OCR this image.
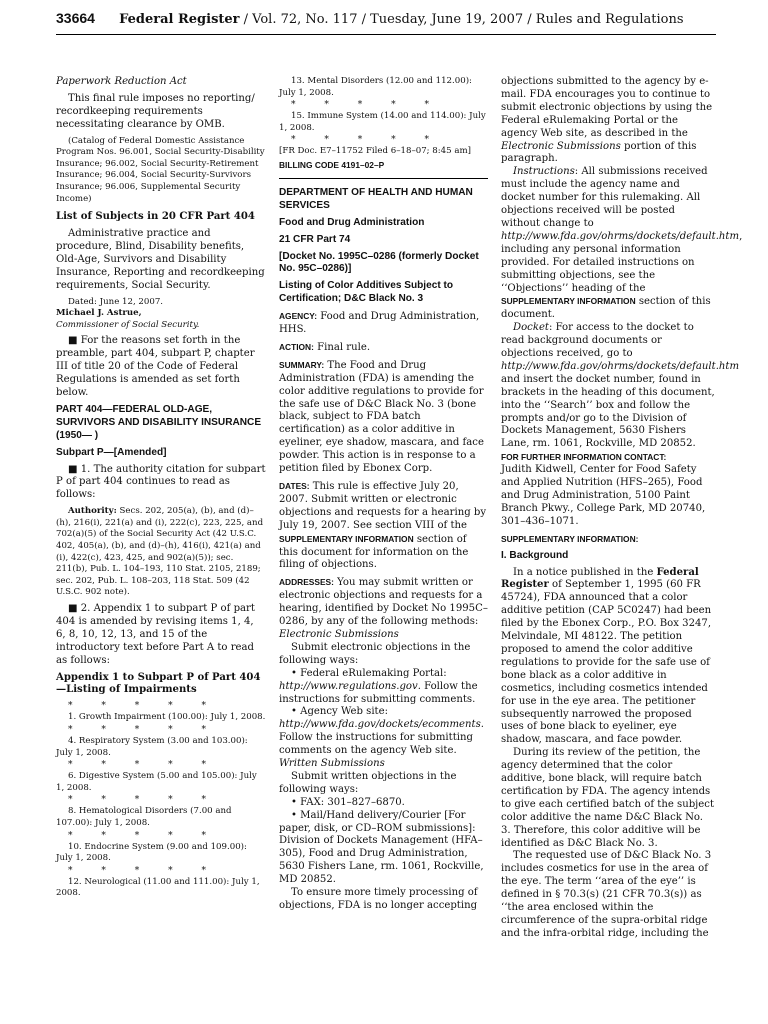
33664 Federal Register / Vol. 72, No. 117 / Tuesday, June 19, 2007 / Rules and Regulations

Paperwork Reduction Act

This final rule imposes no reporting/ recordkeeping requirements necessitating clearance by OMB.

(Catalog of Federal Domestic Assistance Program Nos. 96.001, Social Security-Disability Insurance; 96.002, Social Security-Retirement Insurance; 96.004, Social Security-Survivors Insurance; 96.006, Supplemental Security Income)

List of Subjects in 20 CFR Part 404

Administrative practice and procedure, Blind, Disability benefits, Old-Age, Survivors and Disability Insurance, Reporting and recordkeeping requirements, Social Security.

Dated: June 12, 2007.

Michael J. Astrue,

Commissioner of Social Security.

■ For the reasons set forth in the preamble, part 404, subpart P, chapter III of title 20 of the Code of Federal Regulations is amended as set forth below.

PART 404—FEDERAL OLD-AGE, SURVIVORS AND DISABILITY INSURANCE (1950— )

Subpart P—[Amended]

■ 1. The authority citation for subpart P of part 404 continues to read as follows:

Authority: Secs. 202, 205(a), (b), and (d)–(h), 216(i), 221(a) and (i), 222(c), 223, 225, and 702(a)(5) of the Social Security Act (42 U.S.C. 402, 405(a), (b), and (d)–(h), 416(i), 421(a) and (i), 422(c), 423, 425, and 902(a)(5)); sec. 211(b), Pub. L. 104–193, 110 Stat. 2105, 2189; sec. 202, Pub. L. 108–203, 118 Stat. 509 (42 U.S.C. 902 note).

■ 2. Appendix 1 to subpart P of part 404 is amended by revising items 1, 4, 6, 8, 10, 12, 13, and 15 of the introductory text before Part A to read as follows:

Appendix 1 to Subpart P of Part 404—Listing of Impairments

* * * * *

1. Growth Impairment (100.00): July 1, 2008.

* * * * *

4. Respiratory System (3.00 and 103.00): July 1, 2008.

* * * * *

6. Digestive System (5.00 and 105.00): July 1, 2008.

* * * * *

8. Hematological Disorders (7.00 and 107.00): July 1, 2008.

* * * * *

10. Endocrine System (9.00 and 109.00): July 1, 2008.

* * * * *

12. Neurological (11.00 and 111.00): July 1, 2008.

13. Mental Disorders (12.00 and 112.00): July 1, 2008.

* * * * *

15. Immune System (14.00 and 114.00): July 1, 2008.

* * * * *

[FR Doc. E7–11752 Filed 6–18–07; 8:45 am]

BILLING CODE 4191–02–P

DEPARTMENT OF HEALTH AND HUMAN SERVICES

Food and Drug Administration

21 CFR Part 74

[Docket No. 1995C–0286 (formerly Docket No. 95C–0286)]

Listing of Color Additives Subject to Certification; D&C Black No. 3

AGENCY: Food and Drug Administration, HHS.

ACTION: Final rule.

SUMMARY: The Food and Drug Administration (FDA) is amending the color additive regulations to provide for the safe use of D&C Black No. 3 (bone black, subject to FDA batch certification) as a color additive in eyeliner, eye shadow, mascara, and face powder. This action is in response to a petition filed by Ebonex Corp.

DATES: This rule is effective July 20, 2007. Submit written or electronic objections and requests for a hearing by July 19, 2007. See section VIII of the SUPPLEMENTARY INFORMATION section of this document for information on the filing of objections.

ADDRESSES: You may submit written or electronic objections and requests for a hearing, identified by Docket No 1995C–0286, by any of the following methods:

Electronic Submissions

Submit electronic objections in the following ways:

• Federal eRulemaking Portal: http://www.regulations.gov. Follow the instructions for submitting comments.

• Agency Web site: http://www.fda.gov/dockets/ecomments. Follow the instructions for submitting comments on the agency Web site.

Written Submissions

Submit written objections in the following ways:

• FAX: 301–827–6870.

• Mail/Hand delivery/Courier [For paper, disk, or CD–ROM submissions]: Division of Dockets Management (HFA–305), Food and Drug Administration, 5630 Fishers Lane, rm. 1061, Rockville, MD 20852.

To ensure more timely processing of objections, FDA is no longer accepting

objections submitted to the agency by e-mail. FDA encourages you to continue to submit electronic objections by using the Federal eRulemaking Portal or the agency Web site, as described in the Electronic Submissions portion of this paragraph.

Instructions: All submissions received must include the agency name and docket number for this rulemaking. All objections received will be posted without change to http://www.fda.gov/ohrms/dockets/default.htm, including any personal information provided. For detailed instructions on submitting objections, see the ‘‘Objections’’ heading of the SUPPLEMENTARY INFORMATION section of this document.

Docket: For access to the docket to read background documents or objections received, go to http://www.fda.gov/ohrms/dockets/default.htm and insert the docket number, found in brackets in the heading of this document, into the ‘‘Search’’ box and follow the prompts and/or go to the Division of Dockets Management, 5630 Fishers Lane, rm. 1061, Rockville, MD 20852.

FOR FURTHER INFORMATION CONTACT:

Judith Kidwell, Center for Food Safety and Applied Nutrition (HFS–265), Food and Drug Administration, 5100 Paint Branch Pkwy., College Park, MD 20740, 301–436–1071.

SUPPLEMENTARY INFORMATION:

I. Background

In a notice published in the Federal Register of September 1, 1995 (60 FR 45724), FDA announced that a color additive petition (CAP 5C0247) had been filed by the Ebonex Corp., P.O. Box 3247, Melvindale, MI 48122. The petition proposed to amend the color additive regulations to provide for the safe use of bone black as a color additive in cosmetics, including cosmetics intended for use in the eye area. The petitioner subsequently narrowed the proposed uses of bone black to eyeliner, eye shadow, mascara, and face powder.

During its review of the petition, the agency determined that the color additive, bone black, will require batch certification by FDA. The agency intends to give each certified batch of the subject color additive the name D&C Black No. 3. Therefore, this color additive will be identified as D&C Black No. 3.

The requested use of D&C Black No. 3 includes cosmetics for use in the area of the eye. The term ‘‘area of the eye’’ is defined in § 70.3(s) (21 CFR 70.3(s)) as ‘‘the area enclosed within the circumference of the supra-orbital ridge and the infra-orbital ridge, including the
